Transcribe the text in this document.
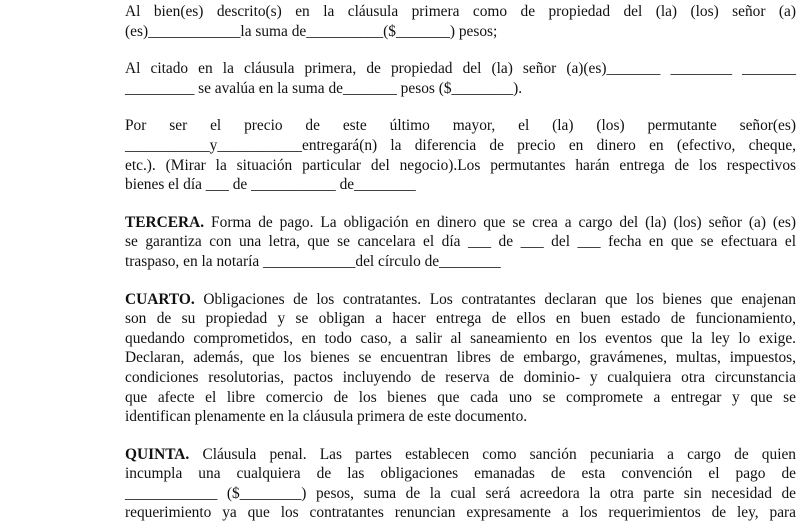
Al bien(es) descrito(s) en la cláusula primera como de propiedad del (la) (los) señor (a)
(es)____________la suma de__________($_______) pesos;
Al citado en la cláusula primera, de propiedad del (la) señor (a)(es)_______ ________ _______
_________ se avalúa en la suma de_______ pesos ($________).
Por ser el precio de este último mayor, el (la) (los) permutante señor(es)
___________y___________entregará(n) la diferencia de precio en dinero en (efectivo, cheque,
etc.). (Mirar la situación particular del negocio).Los permutantes harán entrega de los respectivos
bienes el día ___ de ___________ de________
TERCERA. Forma de pago. La obligación en dinero que se crea a cargo del (la) (los) señor (a) (es)
se garantiza con una letra, que se cancelara el día ___ de ___ del ___ fecha en que se efectuara el
traspaso, en la notaría ____________del círculo de________
CUARTO. Obligaciones de los contratantes. Los contratantes declaran que los bienes que enajenan
son de su propiedad y se obligan a hacer entrega de ellos en buen estado de funcionamiento,
quedando comprometidos, en todo caso, a salir al saneamiento en los eventos que la ley lo exige.
Declaran, además, que los bienes se encuentran libres de embargo, gravámenes, multas, impuestos,
condiciones resolutorias, pactos incluyendo de reserva de dominio- y cualquiera otra circunstancia
que afecte el libre comercio de los bienes que cada uno se compromete a entregar y que se
identifican plenamente en la cláusula primera de este documento.
QUINTA. Cláusula penal. Las partes establecen como sanción pecuniaria a cargo de quien
incumpla una cualquiera de las obligaciones emanadas de esta convención el pago de
____________ ($________) pesos, suma de la cual será acreedora la otra parte sin necesidad de
requerimiento ya que los contratantes renuncian expresamente a los requerimientos de ley, para
